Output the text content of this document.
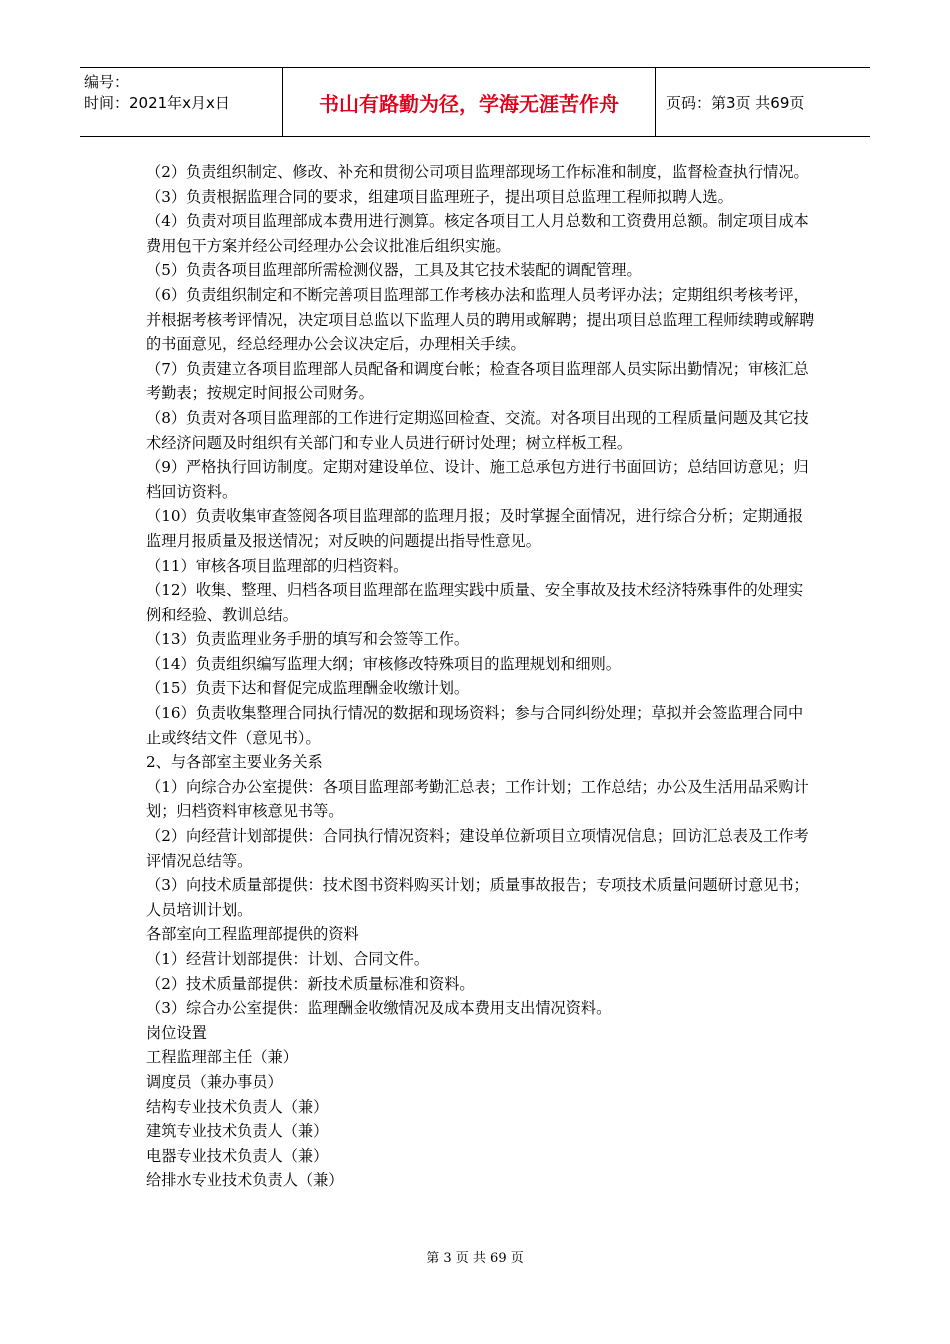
编号：
时间：2021年x月x日	书山有路勤为径，学海无涯苦作舟	页码：第3页 共69页

（2）负责组织制定、修改、补充和贯彻公司项目监理部现场工作标准和制度，监督检查执行情况。

（3）负责根据监理合同的要求，组建项目监理班子，提出项目总监理工程师拟聘人选。

（4）负责对项目监理部成本费用进行测算。核定各项目工人月总数和工资费用总额。制定项目成本费用包干方案并经公司经理办公会议批准后组织实施。

（5）负责各项目监理部所需检测仪器，工具及其它技术装配的调配管理。

（6）负责组织制定和不断完善项目监理部工作考核办法和监理人员考评办法；定期组织考核考评，并根据考核考评情况，决定项目总监以下监理人员的聘用或解聘；提出项目总监理工程师续聘或解聘的书面意见，经总经理办公会议决定后，办理相关手续。

（7）负责建立各项目监理部人员配备和调度台帐；检查各项目监理部人员实际出勤情况；审核汇总考勤表；按规定时间报公司财务。

（8）负责对各项目监理部的工作进行定期巡回检查、交流。对各项目出现的工程质量问题及其它技术经济问题及时组织有关部门和专业人员进行研讨处理；树立样板工程。

（9）严格执行回访制度。定期对建设单位、设计、施工总承包方进行书面回访；总结回访意见；归档回访资料。

（10）负责收集审查签阅各项目监理部的监理月报；及时掌握全面情况，进行综合分析；定期通报监理月报质量及报送情况；对反映的问题提出指导性意见。

（11）审核各项目监理部的归档资料。

（12）收集、整理、归档各项目监理部在监理实践中质量、安全事故及技术经济特殊事件的处理实例和经验、教训总结。

（13）负责监理业务手册的填写和会签等工作。

（14）负责组织编写监理大纲；审核修改特殊项目的监理规划和细则。

（15）负责下达和督促完成监理酬金收缴计划。

（16）负责收集整理合同执行情况的数据和现场资料；参与合同纠纷处理；草拟并会签监理合同中止或终结文件（意见书）。

2、与各部室主要业务关系

（1）向综合办公室提供：各项目监理部考勤汇总表；工作计划；工作总结；办公及生活用品采购计划；归档资料审核意见书等。

（2）向经营计划部提供：合同执行情况资料；建设单位新项目立项情况信息；回访汇总表及工作考评情况总结等。

（3）向技术质量部提供：技术图书资料购买计划；质量事故报告；专项技术质量问题研讨意见书；人员培训计划。

各部室向工程监理部提供的资料

（1）经营计划部提供：计划、合同文件。

（2）技术质量部提供：新技术质量标准和资料。

（3）综合办公室提供：监理酬金收缴情况及成本费用支出情况资料。

岗位设置

工程监理部主任（兼）

调度员（兼办事员）

结构专业技术负责人（兼）

建筑专业技术负责人（兼）

电器专业技术负责人（兼）

给排水专业技术负责人（兼）

第 3 页 共 69 页
